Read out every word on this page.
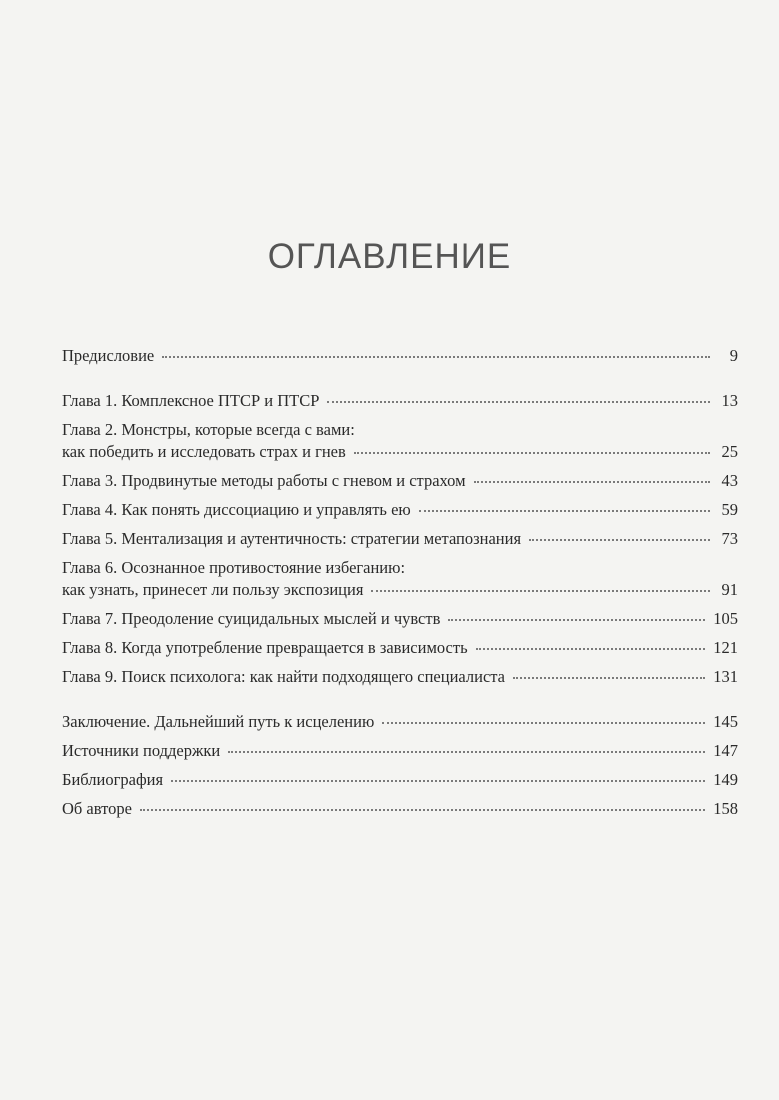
ОГЛАВЛЕНИЕ
Предисловие	9
Глава 1. Комплексное ПТСР и ПТСР	13
Глава 2. Монстры, которые всегда с вами:
как победить и исследовать страх и гнев	25
Глава 3. Продвинутые методы работы с гневом и страхом	43
Глава 4. Как понять диссоциацию и управлять ею	59
Глава 5. Ментализация и аутентичность: стратегии метапознания	73
Глава 6. Осознанное противостояние избеганию:
как узнать, принесет ли пользу экспозиция	91
Глава 7. Преодоление суицидальных мыслей и чувств	105
Глава 8. Когда употребление превращается в зависимость	121
Глава 9. Поиск психолога: как найти подходящего специалиста	131
Заключение. Дальнейший путь к исцелению	145
Источники поддержки	147
Библиография	149
Об авторе	158
